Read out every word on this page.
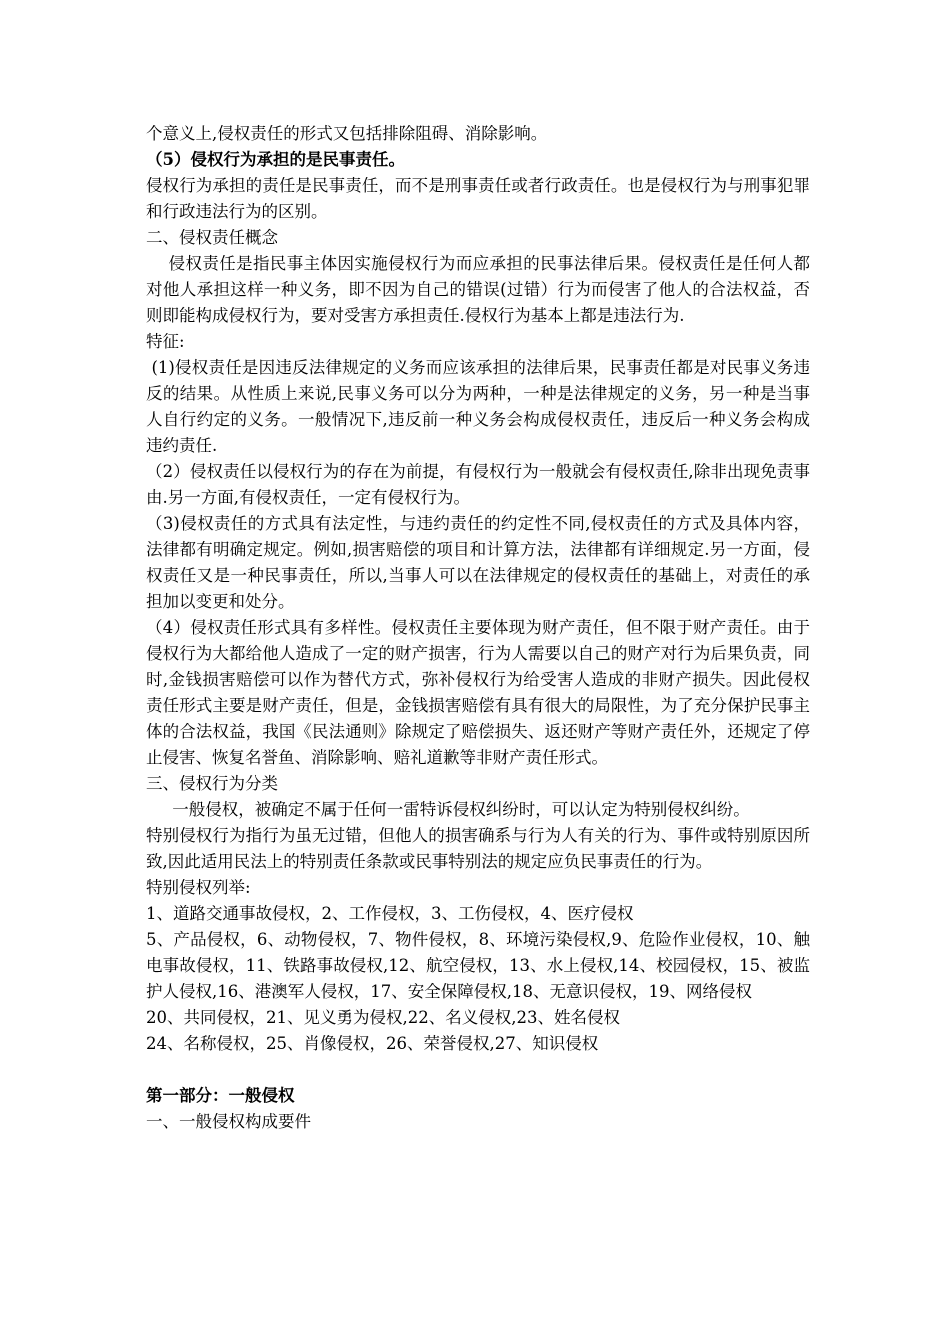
个意义上,侵权责任的形式又包括排除阻碍、消除影响。

（5）侵权行为承担的是民事责任。

侵权行为承担的责任是民事责任，而不是刑事责任或者行政责任。也是侵权行为与刑事犯罪和行政违法行为的区别。

二、侵权责任概念

侵权责任是指民事主体因实施侵权行为而应承担的民事法律后果。侵权责任是任何人都对他人承担这样一种义务，即不因为自己的错误(过错）行为而侵害了他人的合法权益，否则即能构成侵权行为，要对受害方承担责任.侵权行为基本上都是违法行为.

特征:

(1)侵权责任是因违反法律规定的义务而应该承担的法律后果，民事责任都是对民事义务违反的结果。从性质上来说,民事义务可以分为两种，一种是法律规定的义务，另一种是当事人自行约定的义务。一般情况下,违反前一种义务会构成侵权责任，违反后一种义务会构成违约责任.

（2）侵权责任以侵权行为的存在为前提，有侵权行为一般就会有侵权责任,除非出现免责事由.另一方面,有侵权责任，一定有侵权行为。

（3)侵权责任的方式具有法定性，与违约责任的约定性不同,侵权责任的方式及具体内容，法律都有明确定规定。例如,损害赔偿的项目和计算方法，法律都有详细规定.另一方面，侵权责任又是一种民事责任，所以,当事人可以在法律规定的侵权责任的基础上，对责任的承担加以变更和处分。

（4）侵权责任形式具有多样性。侵权责任主要体现为财产责任，但不限于财产责任。由于侵权行为大都给他人造成了一定的财产损害，行为人需要以自己的财产对行为后果负责，同时,金钱损害赔偿可以作为替代方式，弥补侵权行为给受害人造成的非财产损失。因此侵权责任形式主要是财产责任，但是，金钱损害赔偿有具有很大的局限性，为了充分保护民事主体的合法权益，我国《民法通则》除规定了赔偿损失、返还财产等财产责任外，还规定了停止侵害、恢复名誉鱼、消除影响、赔礼道歉等非财产责任形式。

三、侵权行为分类

一般侵权，被确定不属于任何一雷特诉侵权纠纷时，可以认定为特别侵权纠纷。

特别侵权行为指行为虽无过错，但他人的损害确系与行为人有关的行为、事件或特别原因所致,因此适用民法上的特别责任条款或民事特别法的规定应负民事责任的行为。

特别侵权列举:

1、道路交通事故侵权，2、工作侵权，3、工伤侵权，4、医疗侵权

5、产品侵权，6、动物侵权，7、物件侵权，8、环境污染侵权,9、危险作业侵权，10、触电事故侵权，11、铁路事故侵权,12、航空侵权，13、水上侵权,14、校园侵权，15、被监护人侵权,16、港澳军人侵权，17、安全保障侵权,18、无意识侵权，19、网络侵权

20、共同侵权，21、见义勇为侵权,22、名义侵权,23、姓名侵权

24、名称侵权，25、肖像侵权，26、荣誉侵权,27、知识侵权

第一部分：一般侵权

一、一般侵权构成要件
